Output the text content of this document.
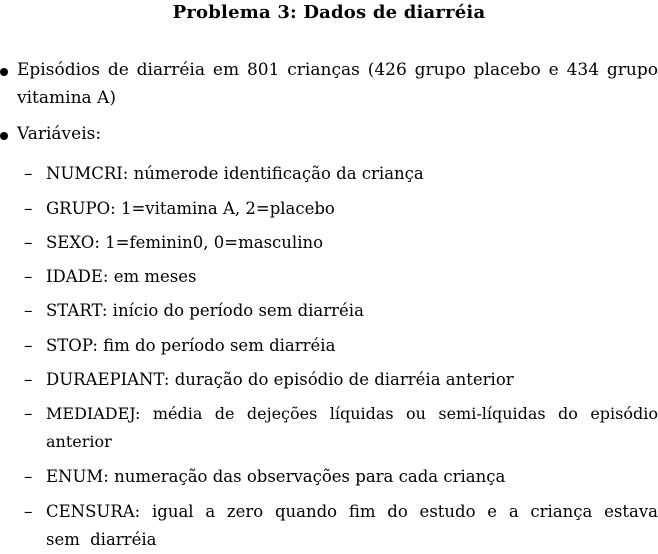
Problema 3: Dados de diarréia
Episódios de diarréia em 801 crianças (426 grupo placebo e 434 grupo vitamina A)
Variáveis:
– NUMCRI: númerode identificação da criança
– GRUPO: 1=vitamina A, 2=placebo
– SEXO: 1=feminin0, 0=masculino
– IDADE: em meses
– START: início do período sem diarréia
– STOP: fim do período sem diarréia
– DURAEPIANT: duração do episódio de diarréia anterior
– MEDIADEJ: média de dejeções líquidas ou semi-líquidas do episódio anterior
– ENUM: numeração das observações para cada criança
– CENSURA: igual a zero quando fim do estudo e a criança estava sem diarréia
